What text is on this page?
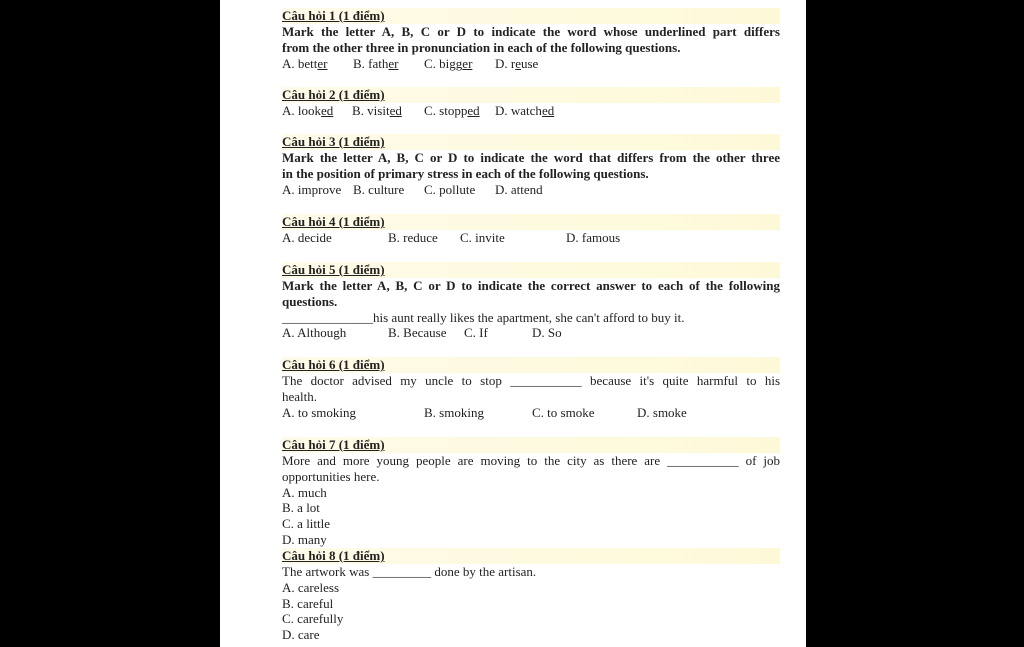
Câu hỏi 1 (1 điểm)
Mark the letter A, B, C or D to indicate the word whose underlined part differs
from the other three in pronunciation in each of the following questions.
A. better B. father C. bigger D. reuse
Câu hỏi 2 (1 điểm)
A. looked B. visited C. stopped D. watched
Câu hỏi 3 (1 điểm)
Mark the letter A, B, C or D to indicate the word that differs from the other three
in the position of primary stress in each of the following questions.
A. improve B. culture C. pollute D. attend
Câu hỏi 4 (1 điểm)
A. decide	B. reduce C. invite	D. famous
Câu hỏi 5 (1 điểm)
Mark the letter A, B, C or D to indicate the correct answer to each of the following
questions.
______________his aunt really likes the apartment, she can't afford to buy it.
A. Although	B. Because C. If	D. So
Câu hỏi 6 (1 điểm)
The doctor advised my uncle to stop ___________ because it's quite harmful to his
health.
A. to smoking	B. smoking	C. to smoke	D. smoke
Câu hỏi 7 (1 điểm)
More and more young people are moving to the city as there are ___________ of job
opportunities here.
A. much
B. a lot
C. a little
D. many
Câu hỏi 8 (1 điểm)
The artwork was _________ done by the artisan.
A. careless
B. careful
C. carefully
D. care
